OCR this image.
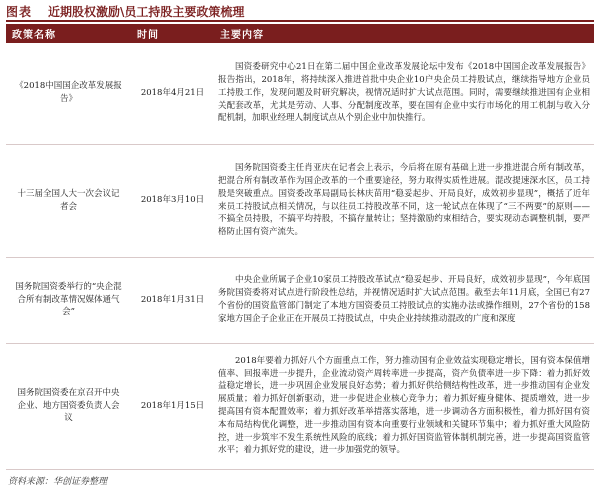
图表 近期股权激励\员工持股主要政策梳理
政策名称	时间	主要内容
《2018中国国企改革发展报告》	2018年4月21日	国资委研究中心21日在第二届中国企业改革发展论坛中发布《2018中国国企改革发展报告》报告指出，2018年，将持续深入推进首批中央企业10户央企员工持股试点，继续指导地方企业员工持股工作，发现问题及时研究解决，视情况适时扩大试点范围。同时，需要继续推进国有企业相关配套改革，尤其是劳动、人事、分配制度改革，要在国有企业中实行市场化的用工机制与收入分配机制，加职业经理人制度试点从个别企业中加快推行。
十三届全国人大一次会议记者会	2018年3月10日	国务院国资委主任肖亚庆在记者会上表示，今后将在原有基础上进一步推进混合所有制改革，把混合所有制改革作为国企改革的一个重要途径，努力取得实质性进展。混改提速深水区，员工持股是突破重点。国资委改革局副局长林庆苗用“稳妥起步、开局良好，成效初步显现”，概括了近年来员工持股试点相关情况，与以往员工持股改革不同，这一轮试点在体现了“三不两要”的原则——不搞全员持股，不搞平均持股，不搞存量转让；坚持激励约束相结合，要实现动态调整机制，要严格防止国有资产流失。
国务院国资委举行的“央企混合所有制改革情况媒体通气会”	2018年1月31日	中央企业所属子企业10家员工持股改革试点“稳妥起步、开局良好，成效初步显现”，今年底国务院国资委将对试点进行阶段性总结，并视情况适时扩大试点范围。截至去年11月底，全国已有27个省份的国资监管部门制定了本地方国资委员工持股试点的实施办法或操作细则，27个省份的158家地方国企子企业正在开展员工持股试点，中央企业持续推动混改的广度和深度
国务院国资委在京召开中央企业、地方国资委负责人会议	2018年1月15日	2018年要着力抓好八个方面重点工作，努力推动国有企业效益实现稳定增长，国有资本保值增值率、回报率进一步提升，企业流动资产周转率进一步提高，资产负债率进一步下降：着力抓好效益稳定增长，进一步巩固企业发展良好态势；着力抓好供给侧结构性改革，进一步推动国有企业发展质量；着力抓好创新驱动，进一步促进企业核心竞争力；着力抓好瘦身健体、提质增效，进一步提高国有资本配置效率；着力抓好改革举措落实落地，进一步调动各方面积极性，着力抓好国有资本布局结构优化调整，进一步推动国有资本向重要行业领域和关键环节集中；着力抓好重大风险防控，进一步筑牢不发生系统性风险的底线；着力抓好国资监管体制机制完善，进一步提高国资监管水平；着力抓好党的建设，进一步加强党的领导。
资料来源：华创证券整理
